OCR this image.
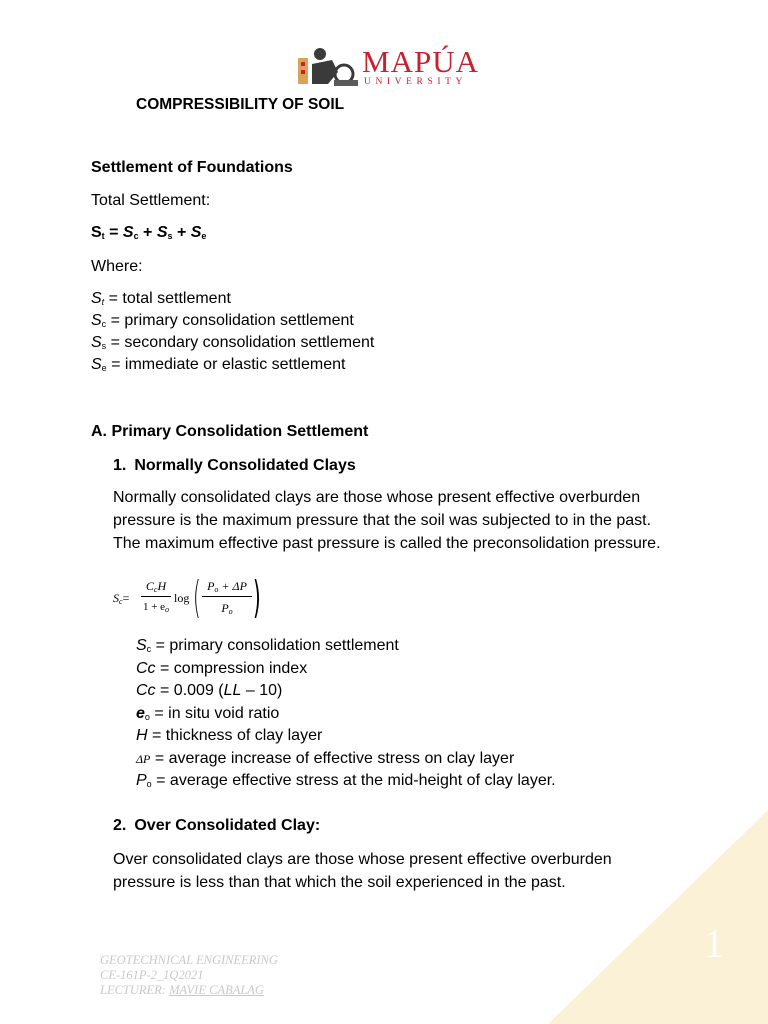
MAPÚA
UNIVERSITY
COMPRESSIBILITY OF SOIL
Settlement of Foundations
Total Settlement:
$S_t = S_c + S_s + S_e$
Where:
$S_t$ = total settlement
$S_c$ = primary consolidation settlement
$S_s$ = secondary consolidation settlement
$S_e$ = immediate or elastic settlement
A. Primary Consolidation Settlement
1. Normally Consolidated Clays
Normally consolidated clays are those whose present effective overburden pressure is the maximum pressure that the soil was subjected to in the past. The maximum effective past pressure is called the preconsolidation pressure.
$S_c=$
$C_cH$
$1 + e_o$
log ( $P_o + \Delta P$
$P_o$ )
$S_c$ = primary consolidation settlement
Cc = compression index
Cc = 0.009 (LL – 10)
$e_o$ = in situ void ratio
H = thickness of clay layer
ΔP = average increase of effective stress on clay layer
$P_o$ = average effective stress at the mid-height of clay layer.
2. Over Consolidated Clay:
Over consolidated clays are those whose present effective overburden pressure is less than that which the soil experienced in the past.
GEOTECHNICAL ENGINEERING
CE-161P-2_1Q2021
LECTURER: MAVIE CABALAG
1
